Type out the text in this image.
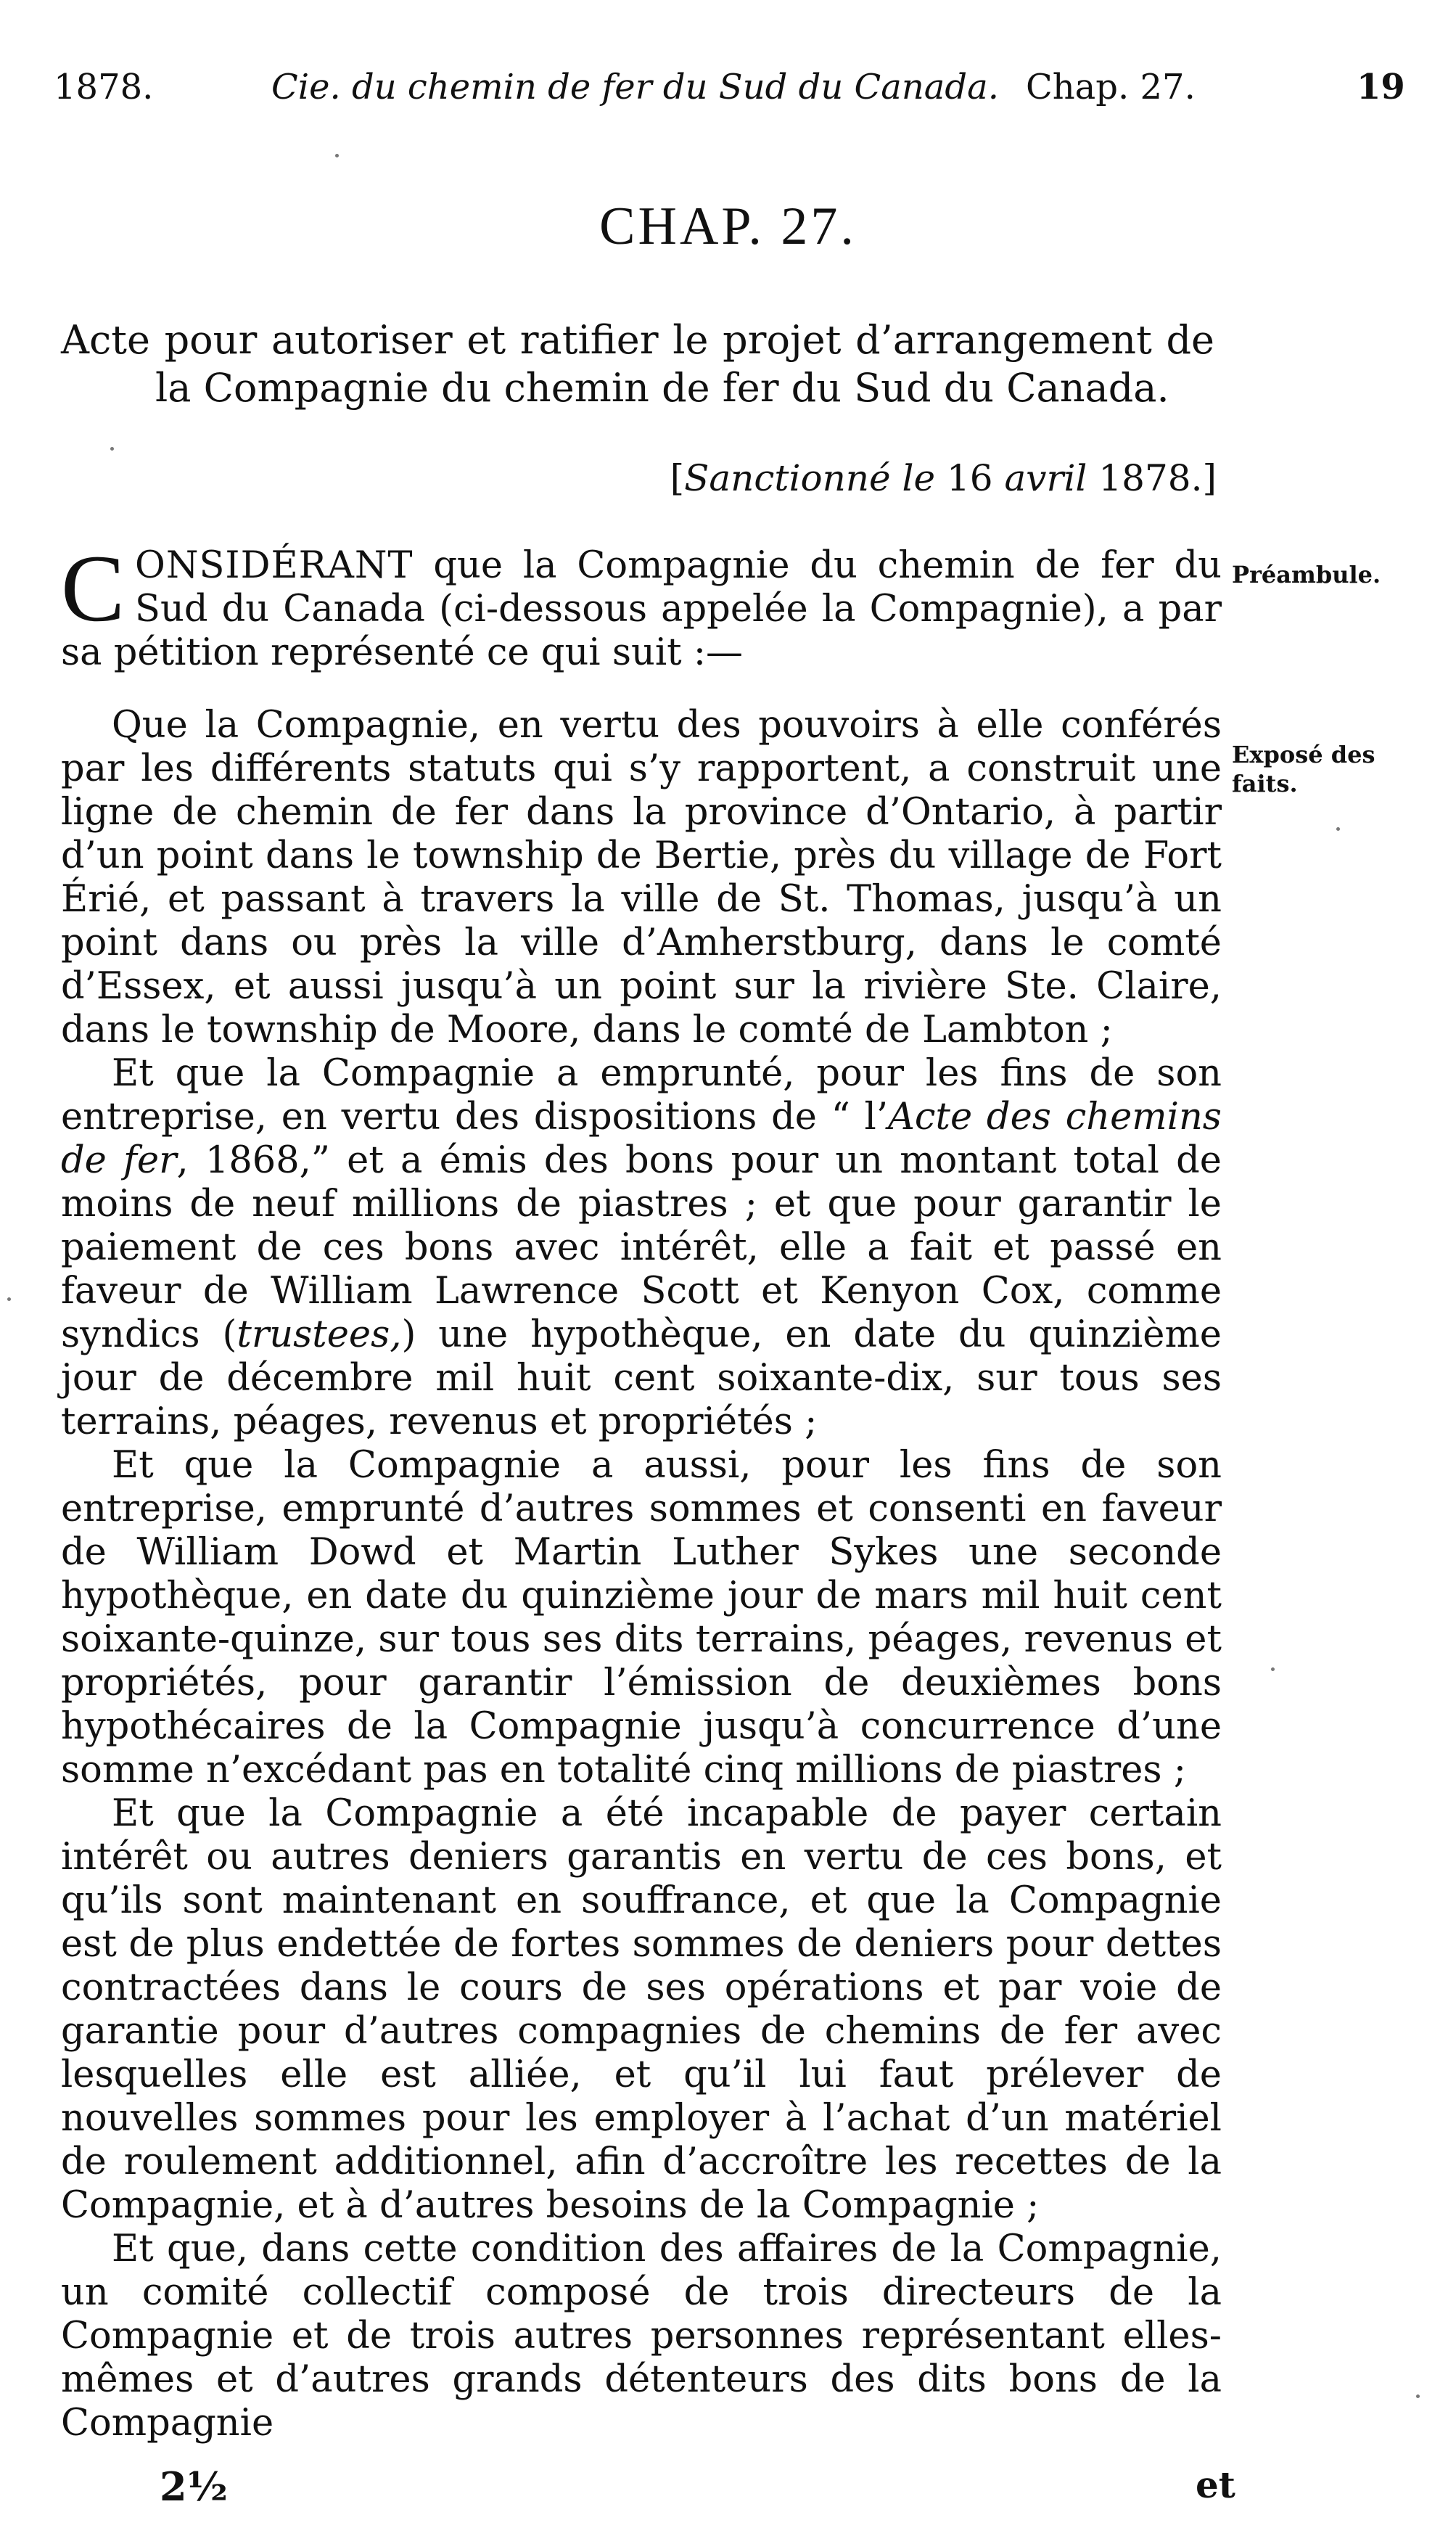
1878.	Cie. du chemin de fer du Sud du Canada. Chap. 27.	19
CHAP. 27.
Acte pour autoriser et ratifier le projet d’arrangement de la Compagnie du chemin de fer du Sud du Canada.
[Sanctionné le 16 avril 1878.]
Préambule.
Exposé des faits.

CONSIDÉRANT que la Compagnie du chemin de fer du Sud du Canada (ci-dessous appelée la Compagnie), a par sa pétition représenté ce qui suit :—

Que la Compagnie, en vertu des pouvoirs à elle conférés par les différents statuts qui s’y rapportent, a construit une ligne de chemin de fer dans la province d’Ontario, à partir d’un point dans le township de Bertie, près du village de Fort Érié, et passant à travers la ville de St. Thomas, jusqu’à un point dans ou près la ville d’Amherstburg, dans le comté d’Essex, et aussi jusqu’à un point sur la rivière Ste. Claire, dans le township de Moore, dans le comté de Lambton ;

Et que la Compagnie a emprunté, pour les fins de son entreprise, en vertu des dispositions de “ l’Acte des chemins de fer, 1868,” et a émis des bons pour un montant total de moins de neuf millions de piastres ; et que pour garantir le paiement de ces bons avec intérêt, elle a fait et passé en faveur de William Lawrence Scott et Kenyon Cox, comme syndics (trustees,) une hypothèque, en date du quinzième jour de décembre mil huit cent soixante-dix, sur tous ses terrains, péages, revenus et propriétés ;

Et que la Compagnie a aussi, pour les fins de son entreprise, emprunté d’autres sommes et consenti en faveur de William Dowd et Martin Luther Sykes une seconde hypothèque, en date du quinzième jour de mars mil huit cent soixante-quinze, sur tous ses dits terrains, péages, revenus et propriétés, pour garantir l’émission de deuxièmes bons hypothécaires de la Compagnie jusqu’à concurrence d’une somme n’excédant pas en totalité cinq millions de piastres ;

Et que la Compagnie a été incapable de payer certain intérêt ou autres deniers garantis en vertu de ces bons, et qu’ils sont maintenant en souffrance, et que la Compagnie est de plus endettée de fortes sommes de deniers pour dettes contractées dans le cours de ses opérations et par voie de garantie pour d’autres compagnies de chemins de fer avec lesquelles elle est alliée, et qu’il lui faut prélever de nouvelles sommes pour les employer à l’achat d’un matériel de roulement additionnel, afin d’accroître les recettes de la Compagnie, et à d’autres besoins de la Compagnie ;

Et que, dans cette condition des affaires de la Compagnie, un comité collectif composé de trois directeurs de la Compagnie et de trois autres personnes représentant elles-mêmes et d’autres grands détenteurs des dits bons de la Compagnie

2½	et
